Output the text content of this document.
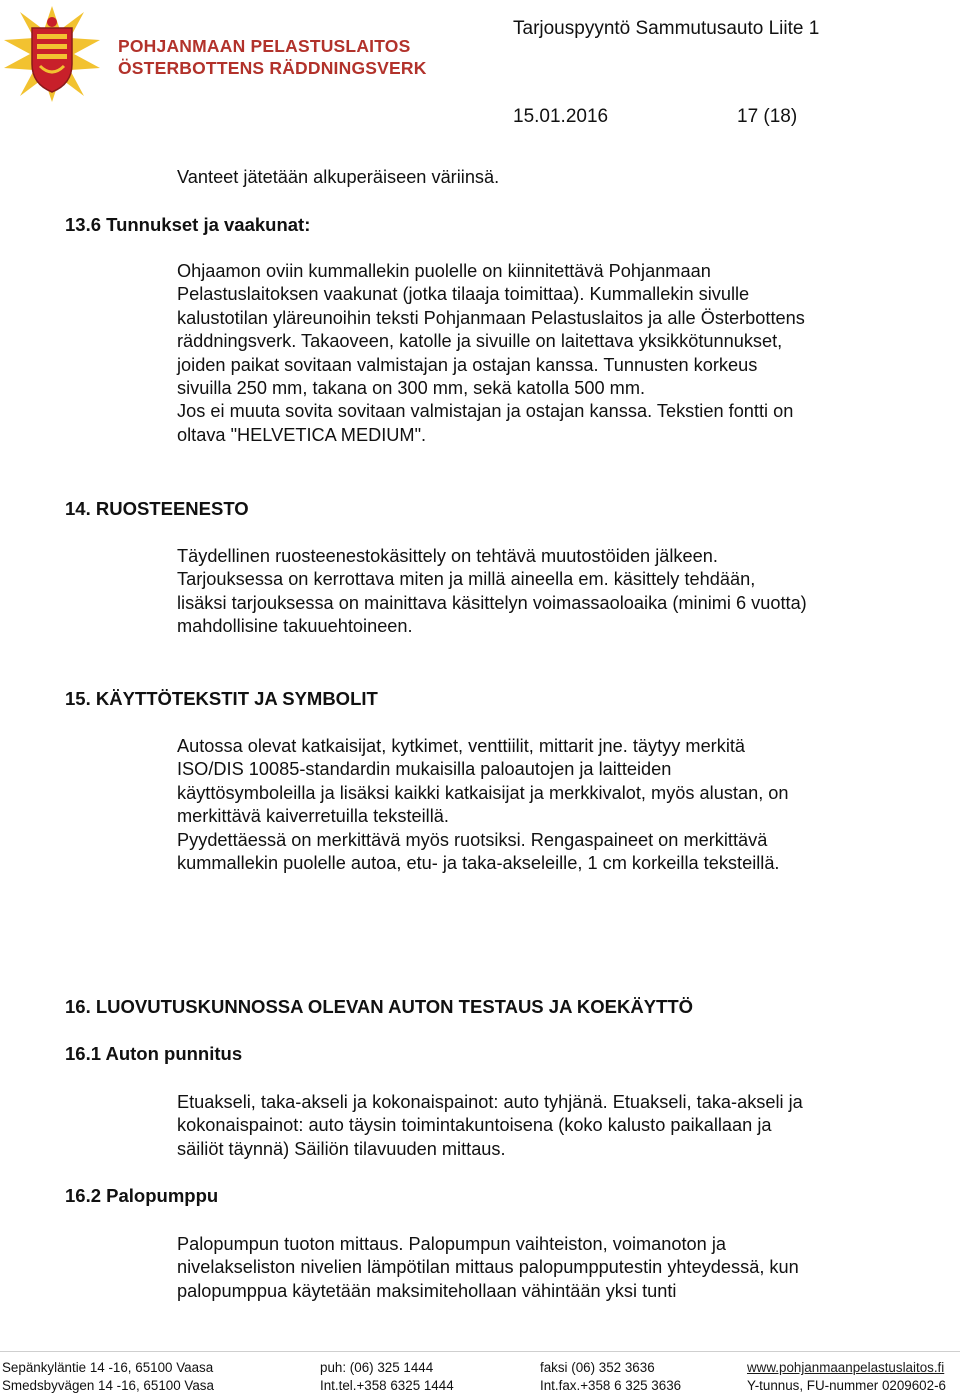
POHJANMAAN PELASTUSLAITOS
ÖSTERBOTTENS RÄDDNINGSVERK
Tarjouspyyntö Sammutusauto Liite 1
15.01.2016	17 (18)

Vanteet jätetään alkuperäiseen väriinsä.

13.6 Tunnukset ja vaakunat:

Ohjaamon oviin kummallekin puolelle on kiinnitettävä Pohjanmaan

Pelastuslaitoksen vaakunat (jotka tilaaja toimittaa). Kummallekin sivulle

kalustotilan yläreunoihin teksti Pohjanmaan Pelastuslaitos ja alle Österbottens

räddningsverk. Takaoveen, katolle ja sivuille on laitettava yksikkötunnukset,

joiden paikat sovitaan valmistajan ja ostajan kanssa. Tunnusten korkeus

sivuilla 250 mm, takana on 300 mm, sekä katolla 500 mm.

Jos ei muuta sovita sovitaan valmistajan ja ostajan kanssa. Tekstien fontti on

oltava "HELVETICA MEDIUM".

14. RUOSTEENESTO

Täydellinen ruosteenestokäsittely on tehtävä muutostöiden jälkeen.

Tarjouksessa on kerrottava miten ja millä aineella em. käsittely tehdään,

lisäksi tarjouksessa on mainittava käsittelyn voimassaoloaika (minimi 6 vuotta)

mahdollisine takuuehtoineen.

15. KÄYTTÖTEKSTIT JA SYMBOLIT

Autossa olevat katkaisijat, kytkimet, venttiilit, mittarit jne. täytyy merkitä

ISO/DIS 10085-standardin mukaisilla paloautojen ja laitteiden

käyttösymboleilla ja lisäksi kaikki katkaisijat ja merkkivalot, myös alustan, on

merkittävä kaiverretuilla teksteillä.

Pyydettäessä on merkittävä myös ruotsiksi. Rengaspaineet on merkittävä

kummallekin puolelle autoa, etu- ja taka-akseleille, 1 cm korkeilla teksteillä.

16. LUOVUTUSKUNNOSSA OLEVAN AUTON TESTAUS JA KOEKÄYTTÖ
16.1 Auton punnitus

Etuakseli, taka-akseli ja kokonaispainot: auto tyhjänä. Etuakseli, taka-akseli ja

kokonaispainot: auto täysin toimintakuntoisena (koko kalusto paikallaan ja

säiliöt täynnä) Säiliön tilavuuden mittaus.

16.2 Palopumppu

Palopumpun tuoton mittaus. Palopumpun vaihteiston, voimanoton ja

nivelakseliston nivelien lämpötilan mittaus palopumpputestin yhteydessä, kun

palopumppua käytetään maksimitehollaan vähintään yksi tunti

Sepänkyläntie 14 -16, 65100 Vaasa
Smedsbyvägen 14 -16, 65100 Vasa
puh: (06) 325 1444
Int.tel.+358 6325 1444
faksi (06) 352 3636
Int.fax.+358 6 325 3636
www.pohjanmaanpelastuslaitos.fi
Y-tunnus, FU-nummer 0209602-6
